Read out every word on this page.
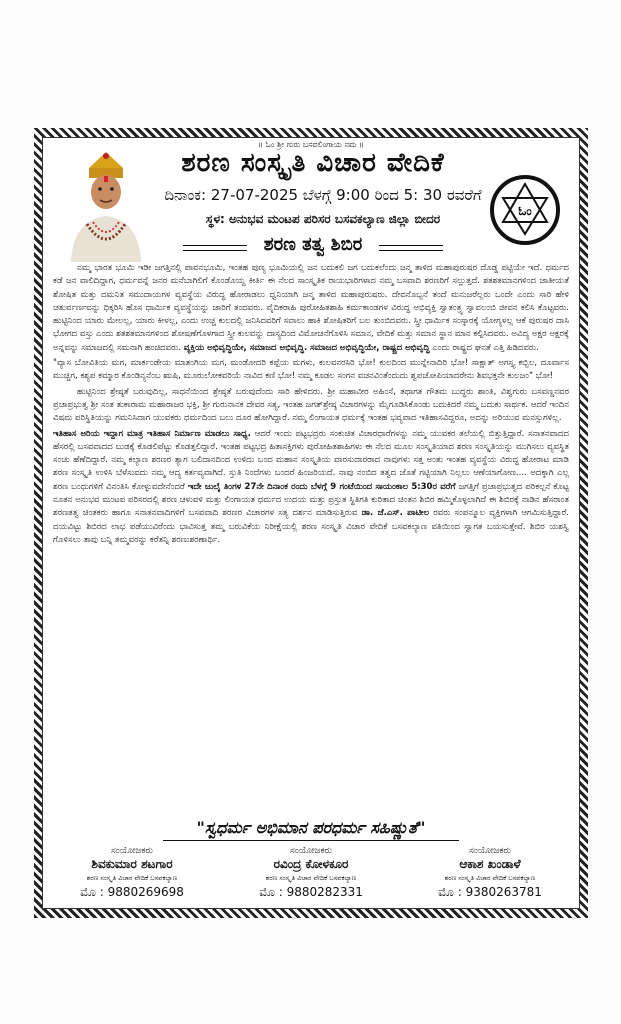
॥ ಓಂ ಶ್ರೀ ಗುರು ಬಸವಲಿಂಗಾಯ ನಮ ॥
ಶರಣ ಸಂಸ್ಕೃತಿ ವಿಚಾರ ವೇದಿಕೆ
ದಿನಾಂಕ: 27-07-2025 ಬೆಳಗ್ಗೆ 9:00 ರಿಂದ 5: 30 ರವರೆಗೆ
ಸ್ಥಳ: ಅನುಭವ ಮಂಟಪ ಪರಿಸರ ಬಸವಕಲ್ಯಾಣ ಜಿಲ್ಲಾ ಬೀದರ
ಓಂ
ಶರಣ ತತ್ವ ಶಿಬಿರ

ನಮ್ಮ ಭಾರತ ಭೂಮಿ ಇಡೀ ಜಗತ್ತಿನಲ್ಲಿ ಪಾವನಭೂಮಿ, ಇಂತಹ ಪುಣ್ಯ ಭೂಮಿಯಲ್ಲಿ ಜನ ಬದುಕಲಿ ಜಗ ಬದುಕಲೆಂದು ಜನ್ಮ ತಾಳಿದ ಮಹಾಪುರುಷರ ದೊಡ್ಡ ಪಟ್ಟಿಯೇ ಇದೆ. ಧರ್ಮದ ಕಡೆ ಜನ ವಾಲಿದಿದ್ದಾಗ, ಧರ್ಮವನ್ನೆ ಜನರ ಮನೆಬಾಗಿಲಿಗೆ ಕೊಂಡೊಯ್ದ ಕೀರ್ತಿ ಈ ನೆಲದ ಸಾಂಸ್ಕೃತಿಕ ರಾಯಭಾರಿಗಳಾದ ನಮ್ಮ ಬಸವಾದಿ ಶರಣರಿಗೆ ಸಲ್ಲುತ್ತದೆ. ಶತಶತಮಾನಗಳಿಂದ ಜಾತೀಯತೆ ಶೋಷಿತ ಮತ್ತು ದಮನಿತ ಸಮುದಾಯಗಳ ವ್ಯವಸ್ಥೆಯ ವಿರುದ್ಧ ಹೋರಾಡಲು ಧ್ವನಿಯಾಗಿ ಜನ್ಮ ತಾಳಿದ ಮಹಾಪುರುಷರು. ದೇವನೊಬ್ಬನೆ ತಂದೆ ಮನುಜರೆಲ್ಲರು ಒಂದೇ ಎಂದು ಸಾರಿ ಹೇಳಿ ಚತುರ್ವರ್ಣವನ್ನು ಧಿಕ್ಕರಿಸಿ ಹೊಸ ಧಾರ್ಮಿಕ ವ್ಯವಸ್ಥೆಯನ್ನು ಜಾರಿಗೆ ತಂದವರು. ವೈದಿಕರಾಹಿ ಪುರೋಹಿತಶಾಹಿ ಕರ್ಮಕಾಂಡಗಳ ವಿರುದ್ಧ ಅಭಿವ್ಯಕ್ತಿ ಸ್ವಾತಂತ್ರ್ಯ ಸ್ವಾವಲಂಬಿ ಜೀವನ ಕಲಿಸಿ ಕೊಟ್ಟವರು. ಹುಟ್ಟಿನಿಂದ ಯಾರು ಮೇಲಲ್ಲ, ಯಾರು ಕೀಳಲ್ಲ, ಎಂದು ಉಚ್ಚ ಕುಲದಲ್ಲಿ ಜನಿಸಿದವರಿಗೆ ಸವಾಲು ಹಾಕಿ ಶೋಷಿತರಿಗೆ ಬಲ ತುಂಬಿದವರು. ಸ್ತ್ರೀ ಧಾರ್ಮಿಕ ಸಂಸ್ಕಾರಕ್ಕೆ ಯೋಗ್ಯಳಲ್ಲ ಆಕೆ ಪುರುಷರ ದಾಸಿ ಭೋಗದ ವಸ್ತು ಎಂದು ಶತಶತಮಾನಗಳಿಂದ ಶೋಷಣೆಗೊಳಗಾದ ಸ್ತ್ರೀ ಕುಲವನ್ನು ದಾಸ್ಯದಿಂದ ವಿಮೋಚನೆಗೊಳಿಸಿ ಸಮಾನ, ವೇದಿಕೆ ಮತ್ತು ಸಮಾನ ಸ್ಥಾನ ಮಾನ ಕಲ್ಪಿಸಿದವರು. ಅವಿದ್ಯ ಅಕ್ಷರ ಅಕ್ಷರಕ್ಕೆ ಅನ್ನವನ್ನು ಸಮಾಜದಲ್ಲಿ ಸಮನಾಗಿ ಹಂಚಿದವರು. ವ್ಯಕ್ತಿಯ ಅಭಿವೃದ್ಧಿಯೇ, ಸಮಾಜದ ಅಭಿವೃದ್ಧಿ. ಸಮಾಜದ ಅಭಿವೃದ್ಧಿಯೇ, ರಾಷ್ಟ್ರದ ಅಭಿವೃದ್ಧಿ ಎಂದು ರಾಷ್ಟ್ರದ ಘನತೆ ಎತ್ತಿ ಹಿಡಿದವರು.

"ವ್ಯಾಸ ಬೋವಿತಿಯ ಮಗ, ಮಾರ್ಕಂಡೇಯ ಮಾತಂಗಿಯ ಮಗ, ಮಂಡೋದರಿ ಕಪ್ಪೆಯ ಮಗಳು, ಕುಲವನರಸಿರಿ ಭೋ! ಕುಲದಿಂದ ಮುನ್ನೇನಾದಿರಿ ಭೋ! ಸಾಕ್ಷಾತ್ ಅಗಸ್ತ್ಯ ಕಬ್ಬಿಲ, ದೂರ್ವಾಸ ಮುಚ್ಚಿಗ, ಕಶ್ಯಪ ಕಮ್ಮಾರ ಕೊಂಡಿನ್ಯನೆಂಬ ಋಷಿ, ಮೂರುಲೋಕವರಿಯೆ ನಾವಿದ ಕಣಿ ಭೋ! ನಮ್ಮ ಕೂಡಲ ಸಂಗನ ವಚನವಿಂತೆಂದುದು ಶ್ವಪಚೋಪಿಯಾದರೇನು ಶಿವಭಕ್ತನೇ ಕುಲಜಂ" ಭೋ!

ಹುಟ್ಟಿನಿಂದ ಶ್ರೇಷ್ಠತೆ ಬರುವುದಿಲ್ಲ, ಸಾಧನೆಯಿಂದ ಶ್ರೇಷ್ಠತೆ ಬರುವುದೆಂದು ಸಾರಿ ಹೇಳಿದರು. ಶ್ರೀ ಮಹಾವೀರ ಅಹಿಂಸೆ, ತಥಾಗತ ಗೌತಮ ಬುದ್ಧರು ಶಾಂತಿ, ವಿಶ್ವಗುರು ಬಸವಣ್ಣನವರ ಪ್ರಜಾಪ್ರಭುತ್ವ ಶ್ರೀ ಸಂತ ತುಕಾರಾಮ ಮಹಾರಾಜರ ಭಕ್ತಿ, ಶ್ರೀ ಗುರುನಾನಕ ದೇವರ ಸತ್ಯ, ಇಂತಹ ಜಗತ್‌ಶ್ರೇಷ್ಠ ವಿಚಾರಗಳನ್ನು ಮೈಗೂಡಿಸಿಕೊಂಡು ಬದುಕಿದರೆ ನಮ್ಮ ಬದುಕು ಸಾರ್ಥಕ. ಆದರೆ ಇಂದಿನ ವಿಷಮ ಪರಿಸ್ಥಿತಿಯನ್ನು ಗಮನಿಸಿದಾಗ ಯುವಕರು ಧರ್ಮದಿಂದ ಬಲು ದೂರ ಹೋಗಿದ್ದಾರೆ. ನಮ್ಮ ಲಿಂಗಾಯತ ಧರ್ಮಕ್ಕೆ ಇಂತಹ ಭವ್ಯವಾದ ಇತಿಹಾಸವಿದ್ದರೂ, ಅದನ್ನು ಅರಿಯುವ ಮನಸ್ಸುಗಳಿಲ್ಲ.

ಇತಿಹಾಸ ಅರಿಯ ಇದ್ದಾಗ ಮಾತ್ರ ಇತಿಹಾಸ ನಿರ್ಮಾಣ ಮಾಡಲು ಸಾಧ್ಯ. ಆದರೆ ಇಂದು ಪಟ್ಟಭದ್ರರು ಸಂಕುಚಿತ ವಿಚಾರಧಾರೆಗಳನ್ನು ನಮ್ಮ ಯುವಕರ ತಲೆಯಲ್ಲಿ ಬಿತ್ತುತ್ತಿದ್ದಾರೆ. ಸನಾತನವಾದದ ಹೆಸರಲ್ಲಿ ಬಸವವಾದದ ಬುಡಕ್ಕೆ ಕೊಡಲಿಪೆಟ್ಟು ಕೊಡತ್ತಲಿದ್ದಾರೆ. ಇಂತಹ ಪಟ್ಟಭದ್ರ ಹಿತಾಸಕ್ತಿಗಳು ಪುರೋಹಿತಶಾಹಿಗಳು ಈ ನೆಲದ ಮೂಲ ಸಂಸ್ಕೃತಿಯಾದ ಶರಣ ಸಂಸ್ಕೃತಿಯನ್ನು ಮುಗಿಸಲು ವ್ಯವಸ್ಥಿತ ಸಂಚು ಹೆಣೆದಿದ್ದಾರೆ. ನಮ್ಮ ಕಲ್ಯಾಣ ಶರಣರ ತ್ಯಾಗ ಬಲಿದಾನದಿಂದ ಉಳಿದು ಬಂದ ಮಹಾನ ಸಂಸ್ಕೃತಿಯ ವಾರಸುದಾರರಾದ ನಾವುಗಳು ಸತ್ತ ಅಂತು ಇಂತಹ ವ್ಯವಸ್ಥೆಯ ವಿರುದ್ಧ ಹೋರಾಟ ಮಾಡಿ ಶರಣ ಸಂಸ್ಕೃತಿ ಉಳಿಸಿ ಬೆಳೆಸುವದು ನಮ್ಮ ಆದ್ಯ ಕರ್ತವ್ಯವಾಗಿದೆ. ಸ್ತುತಿ ನಿಂದೆಗಳು ಬಂದರೆ ಹಿಂಜರಿಯದೆ. ನಾವು ನಂಬಿದ ತತ್ವದ ಜೊತೆ ಗಟ್ಟಿಯಾಗಿ ನಿಲ್ಲಲು ಆಣೆಯಾಗೋಣ.... ಅದಕ್ಕಾಗಿ ಎಲ್ಲ ಶರಣ ಬಂಧುಗಳಿಗೆ ವಿನಂತಿಸಿ ಕೋಳ್ಳುವದೇನೆಂದರೆ ಇದೇ ಜುಲೈ ತಿಂಗಳ 27ನೇ ದಿನಾಂಕ ರಂದು ಬೆಳಗ್ಗೆ 9 ಗಂಟೆಯಿಂದ ಸಾಯಂಕಾಲ 5:30ರ ವರೆಗೆ ಜಗತ್ತಿಗೆ ಪ್ರಜಾಪ್ರಭುತ್ವದ ಪರಿಕಲ್ಪನೆ ಕೊಟ್ಟ ನೂತನ ಅನುಭವ ಮಂಟಪ ಪರಿಸರದಲ್ಲಿ ಶರಣ ಚಳುವಳಿ ಮತ್ತು ಲಿಂಗಾಯತ ಧರ್ಮದ ಉದಯ ಮತ್ತು ಪ್ರಸ್ತುತ ಸ್ಥಿತಿಗತಿ ಕುರಿತಾದ ಚಿಂತನ ಶಿಬಿರ ಹಮ್ಮಿಕೊಳ್ಳಲಾಗಿದೆ ಈ ಶಿಬಿರಕ್ಕೆ ನಾಡಿನ ಹೆಸರಾಂತ ಶರಣತತ್ವ ಚಿಂತಕರು ಹಾಗೂ ಸನಾತನವಾದಿಗಳಿಗೆ ಬಸವವಾದಿ ಶರಣರ ವಿಚಾರಗಳ ಸತ್ಯ ದರ್ಶನ ಮಾಡಿಸುತ್ತಿರುವ ಡಾ. ಜೆ.ಎಸ್. ಪಾಟೀಲ ರವರು ಸಂಪನ್ಮೂಲ ವ್ಯಕ್ತಿಗಳಾಗಿ ಆಗಮಿಸುತ್ತಿದ್ದಾರೆ. ದಯವಿಟ್ಟು ಶಿಬಿರದ ಲಾಭ ಪಡೆಯುವಿರೆಂದು ಭಾವಿಸುತ್ತ ತಮ್ಮ ಬರುವಿಕೆಯ ನಿರೀಕ್ಷೆಯಲ್ಲಿ ಶರಣ ಸಂಸ್ಕೃತಿ ವಿಚಾರ ವೇದಿಕೆ ಬಸವಕಲ್ಯಾಣ ವತಿಯಿಂದ ಸ್ವಾಗತ ಬಯಸುತ್ತೇವೆ. ಶಿಬಿರ ಯಶಸ್ವಿ ಗೊಳಿಸಲು ತಾವು ಬನ್ನಿ ತಮ್ಮವರನ್ನು ಕರೆತನ್ನಿ ಶರಣುಶರಣಾರ್ಥಿ.

"ಸ್ವಧರ್ಮ ಅಭಿಮಾನ ಪರಧರ್ಮ ಸಹಿಷ್ಣುತೆ"
ಸಂಯೋಜಕರು
ಶಿವಕುಮಾರ ಶಟಗಾರ
ಶರಣ ಸಂಸ್ಕೃತಿ ವಿಚಾರ ವೇದಿಕೆ ಬಸವಕಲ್ಯಾಣ
ಮೊ : 9880269698
ಸಂಯೋಜಕರು
ರವಿಂದ್ರ ಕೋಳಕೂರ
ಶರಣ ಸಂಸ್ಕೃತಿ ವಿಚಾರ ವೇದಿಕೆ ಬಸವಕಲ್ಯಾಣ
ಮೊ : 9880282331
ಸಂಯೋಜಕರು
ಆಕಾಶ ಖಂಡಾಳೆ
ಶರಣ ಸಂಸ್ಕೃತಿ ವಿಚಾರ ವೇದಿಕೆ ಬಸವಕಲ್ಯಾಣ
ಮೊ : 9380263781
